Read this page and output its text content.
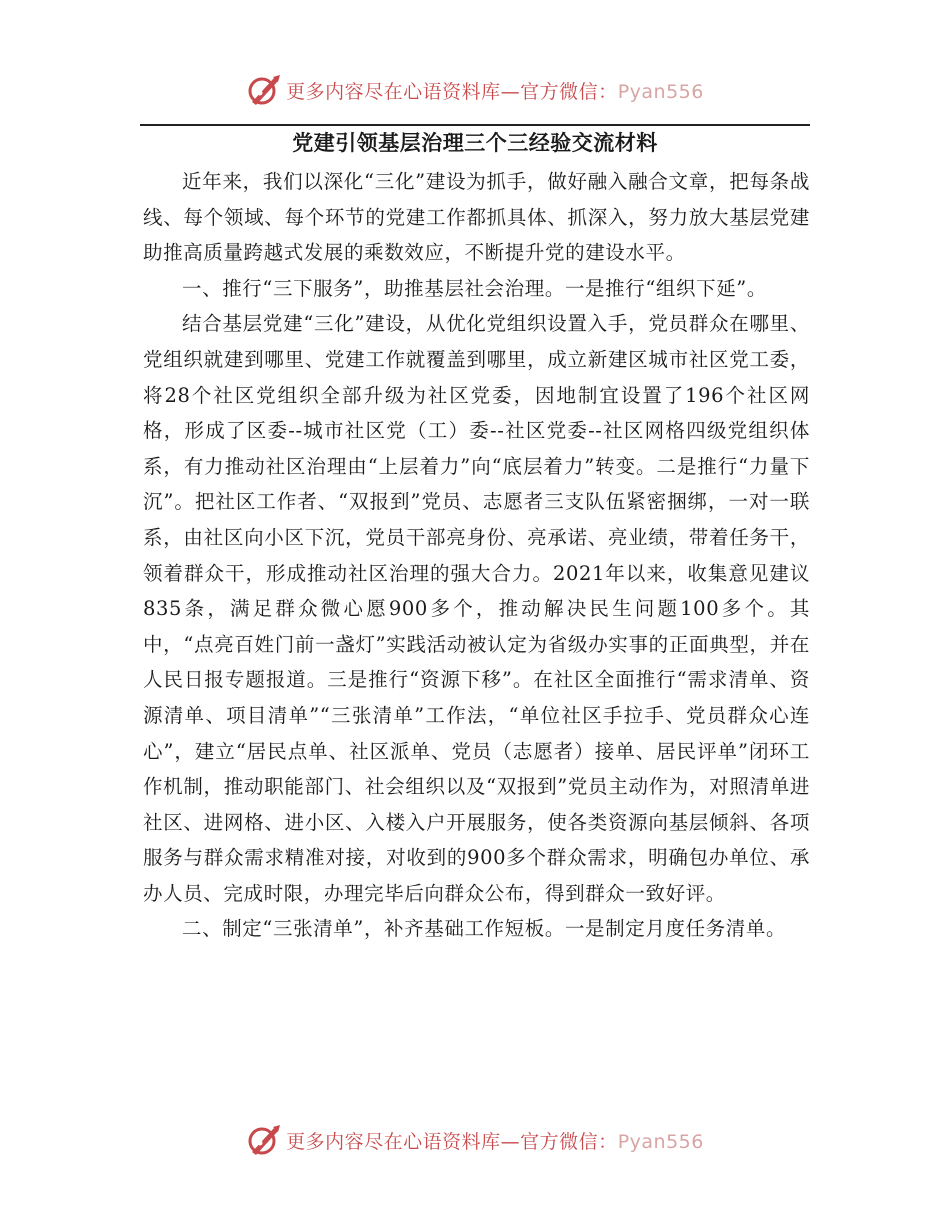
更多内容尽在心语资料库—官方微信：Pyan556
党建引领基层治理三个三经验交流材料

近年来，我们以深化“三化”建设为抓手，做好融入融合文章，把每条战线、每个领域、每个环节的党建工作都抓具体、抓深入，努力放大基层党建助推高质量跨越式发展的乘数效应，不断提升党的建设水平。

一、推行“三下服务”，助推基层社会治理。一是推行“组织下延”。

结合基层党建“三化”建设，从优化党组织设置入手，党员群众在哪里、党组织就建到哪里、党建工作就覆盖到哪里，成立新建区城市社区党工委，将28个社区党组织全部升级为社区党委，因地制宜设置了196个社区网格，形成了区委--城市社区党（工）委--社区党委--社区网格四级党组织体系，有力推动社区治理由“上层着力”向“底层着力”转变。二是推行“力量下沉”。把社区工作者、“双报到”党员、志愿者三支队伍紧密捆绑，一对一联系，由社区向小区下沉，党员干部亮身份、亮承诺、亮业绩，带着任务干，领着群众干，形成推动社区治理的强大合力。2021年以来，收集意见建议835条，满足群众微心愿900多个，推动解决民生问题100多个。其中，“点亮百姓门前一盏灯”实践活动被认定为省级办实事的正面典型，并在人民日报专题报道。三是推行“资源下移”。在社区全面推行“需求清单、资源清单、项目清单”“三张清单”工作法，“单位社区手拉手、党员群众心连心”，建立“居民点单、社区派单、党员（志愿者）接单、居民评单”闭环工作机制，推动职能部门、社会组织以及“双报到”党员主动作为，对照清单进社区、进网格、进小区、入楼入户开展服务，使各类资源向基层倾斜、各项服务与群众需求精准对接，对收到的900多个群众需求，明确包办单位、承办人员、完成时限，办理完毕后向群众公布，得到群众一致好评。

二、制定“三张清单”，补齐基础工作短板。一是制定月度任务清单。

更多内容尽在心语资料库—官方微信：Pyan556
